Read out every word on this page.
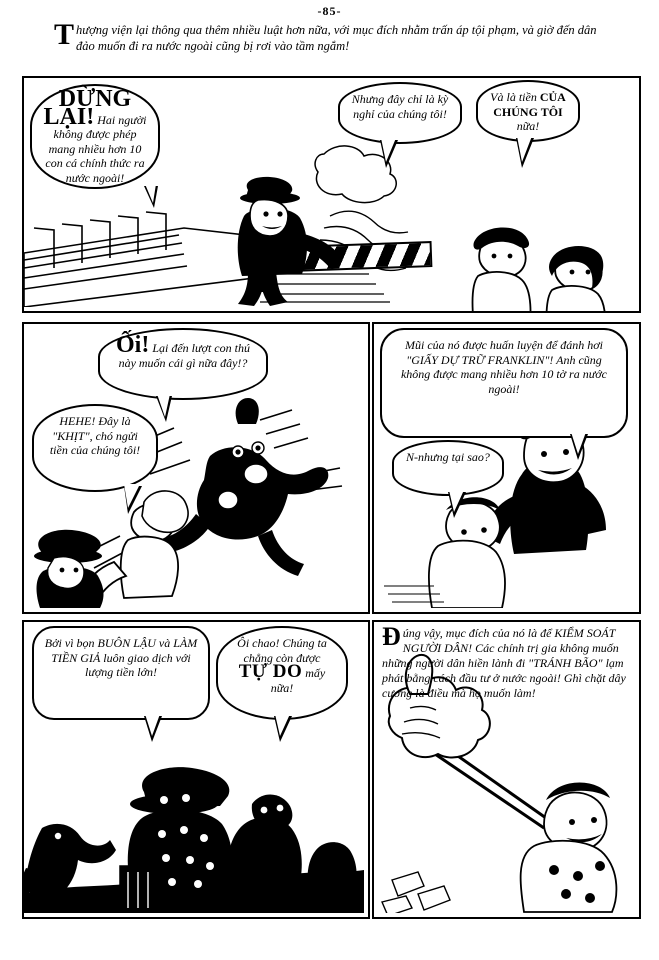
-85-
Thượng viện lại thông qua thêm nhiều luật hơn nữa, với mục đích nhằm trấn áp tội phạm, và giờ đến dân đảo muốn đi ra nước ngoài cũng bị rơi vào tầm ngắm!
DỪNG LẠI! Hai người không được phép mang nhiều hơn 10 con cá chính thức ra nước ngoài!
Nhưng đây chỉ là kỳ nghỉ của chúng tôi!
Và là tiền CỦA CHÚNG TÔI nữa!
Ối! Lại đến lượt con thú này muốn cái gì nữa đây!?
HEHE! Đây là "KHỊT", chó ngửi tiền của chúng tôi!
Mũi của nó được huấn luyện để đánh hơi "GIẤY DỰ TRỮ FRANKLIN"! Anh cũng không được mang nhiều hơn 10 tờ ra nước ngoài!
N-nhưng tại sao?
Bởi vì bọn BUÔN LẬU và LÀM TIỀN GIẢ luôn giao dịch với lượng tiền lớn!
Ôi chao! Chúng ta chẳng còn được TỰ DO mấy nữa!
Đúng vậy, mục đích của nó là để KIỂM SOÁT NGƯỜI DÂN! Các chính trị gia không muốn những người dân hiền lành đi "TRÁNH BÃO" lạm phát bằng cách đầu tư ở nước ngoài! Ghì chặt dây cương là điều mà họ muốn làm!
